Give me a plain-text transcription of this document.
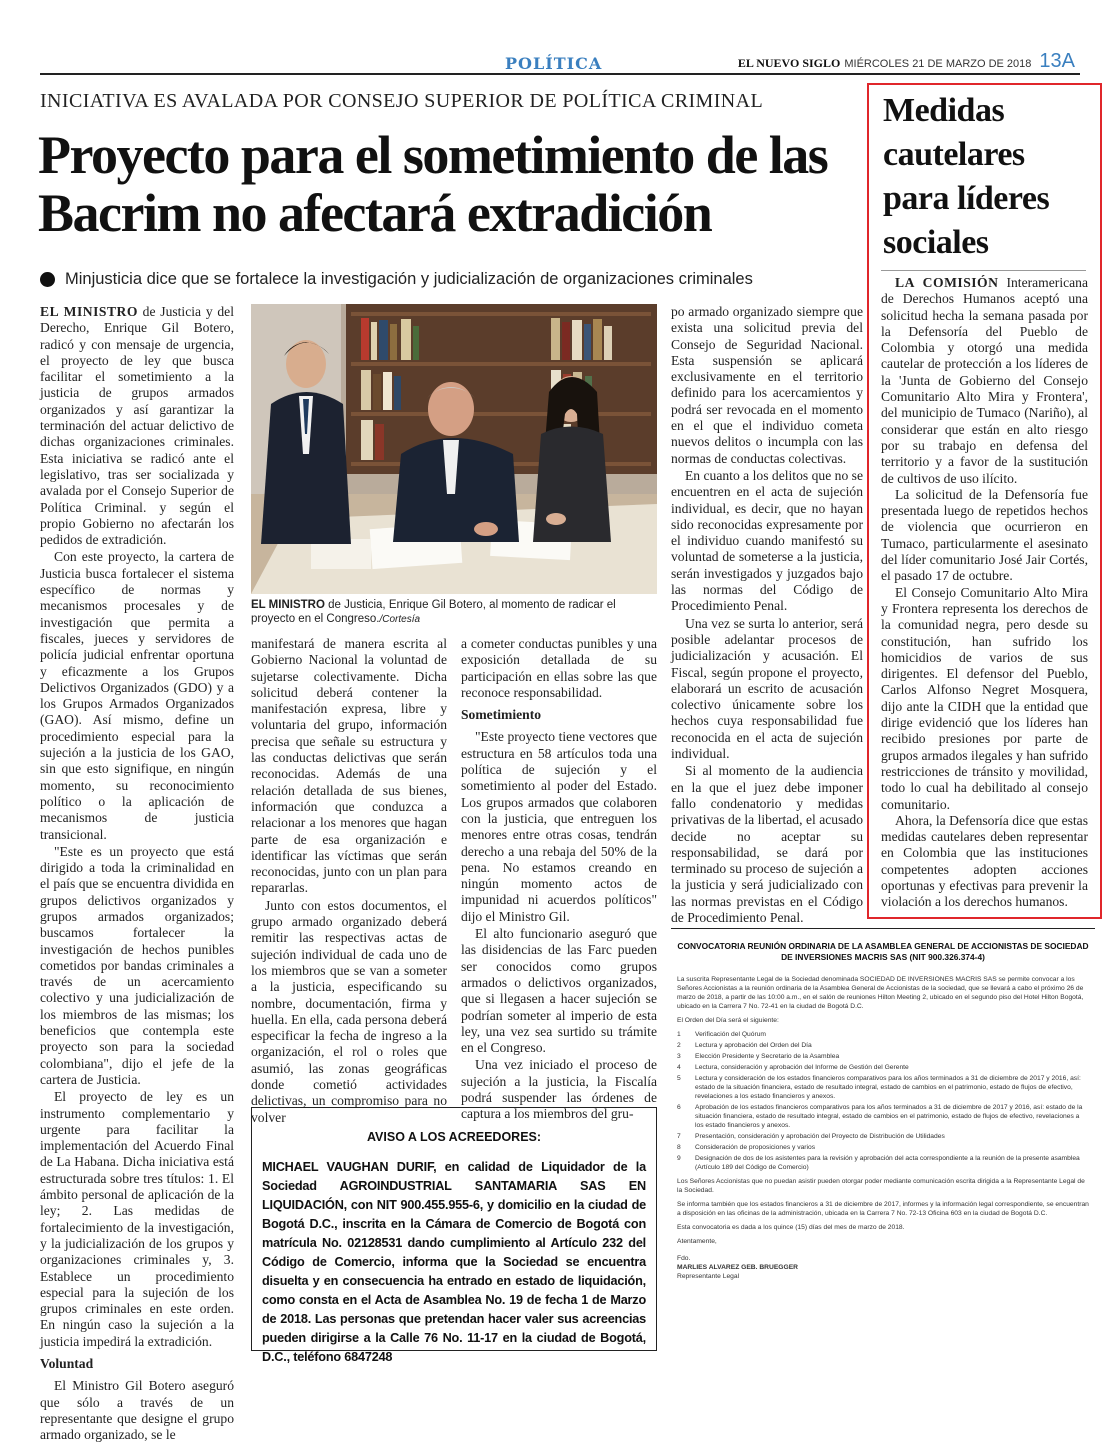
POLÍTICA	EL NUEVO SIGLO MIÉRCOLES 21 DE MARZO DE 2018 13A
INICIATIVA ES AVALADA POR CONSEJO SUPERIOR DE POLÍTICA CRIMINAL
Proyecto para el sometimiento de las Bacrim no afectará extradición
Minjusticia dice que se fortalece la investigación y judicialización de organizaciones criminales

EL MINISTRO de Justicia y del Derecho, Enrique Gil Botero, radicó y con mensaje de urgencia, el proyecto de ley que busca facilitar el sometimiento a la justicia de grupos armados organizados y así garantizar la terminación del actuar delictivo de dichas organizaciones criminales. Esta iniciativa se radicó ante el legislativo, tras ser socializada y avalada por el Consejo Superior de Política Criminal. y según el propio Gobierno no afectarán los pedidos de extradición.

Con este proyecto, la cartera de Justicia busca fortalecer el sistema específico de normas y mecanismos procesales y de investigación que permita a fiscales, jueces y servidores de policía judicial enfrentar oportuna y eficazmente a los Grupos Delictivos Organizados (GDO) y a los Grupos Armados Organizados (GAO). Así mismo, define un procedimiento especial para la sujeción a la justicia de los GAO, sin que esto signifique, en ningún momento, su reconocimiento político o la aplicación de mecanismos de justicia transicional.

"Este es un proyecto que está dirigido a toda la criminalidad en el país que se encuentra dividida en grupos delictivos organizados y grupos armados organizados; buscamos fortalecer la investigación de hechos punibles cometidos por bandas criminales a través de un acercamiento colectivo y una judicialización de los miembros de las mismas; los beneficios que contempla este proyecto son para la sociedad colombiana", dijo el jefe de la cartera de Justicia.

El proyecto de ley es un instrumento complementario y urgente para facilitar la implementación del Acuerdo Final de La Habana. Dicha iniciativa está estructurada sobre tres títulos: 1. El ámbito personal de aplicación de la ley; 2. Las medidas de fortalecimiento de la investigación, y la judicialización de los grupos y organizaciones criminales y, 3. Establece un procedimiento especial para la sujeción de los grupos criminales en este orden. En ningún caso la sujeción a la justicia impedirá la extradición.

Voluntad

El Ministro Gil Botero aseguró que sólo a través de un representante que designe el grupo armado organizado, se le

EL MINISTRO de Justicia, Enrique Gil Botero, al momento de radicar el proyecto en el Congreso./Cortesía

manifestará de manera escrita al Gobierno Nacional la voluntad de sujetarse colectivamente. Dicha solicitud deberá contener la manifestación expresa, libre y voluntaria del grupo, información precisa que señale su estructura y las conductas delictivas que serán reconocidas. Además de una relación detallada de sus bienes, información que conduzca a relacionar a los menores que hagan parte de esa organización e identificar las víctimas que serán reconocidas, junto con un plan para repararlas.

Junto con estos documentos, el grupo armado organizado deberá remitir las respectivas actas de sujeción individual de cada uno de los miembros que se van a someter a la justicia, especificando su nombre, documentación, firma y huella. En ella, cada persona deberá especificar la fecha de ingreso a la organización, el rol o roles que asumió, las zonas geográficas donde cometió actividades delictivas, un compromiso para no volver

a cometer conductas punibles y una exposición detallada de su participación en ellas sobre las que reconoce responsabilidad.

Sometimiento

"Este proyecto tiene vectores que estructura en 58 artículos toda una política de sujeción y el sometimiento al poder del Estado. Los grupos armados que colaboren con la justicia, que entreguen los menores entre otras cosas, tendrán derecho a una rebaja del 50% de la pena. No estamos creando en ningún momento actos de impunidad ni acuerdos políticos" dijo el Ministro Gil.

El alto funcionario aseguró que las disidencias de las Farc pueden ser conocidos como grupos armados o delictivos organizados, que si llegasen a hacer sujeción se podrían someter al imperio de esta ley, una vez sea surtido su trámite en el Congreso.

Una vez iniciado el proceso de sujeción a la justicia, la Fiscalía podrá suspender las órdenes de captura a los miembros del gru-

po armado organizado siempre que exista una solicitud previa del Consejo de Seguridad Nacional. Esta suspensión se aplicará exclusivamente en el territorio definido para los acercamientos y podrá ser revocada en el momento en el que el individuo cometa nuevos delitos o incumpla con las normas de conductas colectivas.

En cuanto a los delitos que no se encuentren en el acta de sujeción individual, es decir, que no hayan sido reconocidas expresamente por el individuo cuando manifestó su voluntad de someterse a la justicia, serán investigados y juzgados bajo las normas del Código de Procedimiento Penal.

Una vez se surta lo anterior, será posible adelantar procesos de judicialización y acusación. El Fiscal, según propone el proyecto, elaborará un escrito de acusación colectivo únicamente sobre los hechos cuya responsabilidad fue reconocida en el acta de sujeción individual.

Si al momento de la audiencia en la que el juez debe imponer fallo condenatorio y medidas privativas de la libertad, el acusado decide no aceptar su responsabilidad, se dará por terminado su proceso de sujeción a la justicia y será judicializado con las normas previstas en el Código de Procedimiento Penal.

Medidas cautelares para líderes sociales

LA COMISIÓN Interamericana de Derechos Humanos aceptó una solicitud hecha la semana pasada por la Defensoría del Pueblo de Colombia y otorgó una medida cautelar de protección a los líderes de la 'Junta de Gobierno del Consejo Comunitario Alto Mira y Frontera', del municipio de Tumaco (Nariño), al considerar que están en alto riesgo por su trabajo en defensa del territorio y a favor de la sustitución de cultivos de uso ilícito.

La solicitud de la Defensoría fue presentada luego de repetidos hechos de violencia que ocurrieron en Tumaco, particularmente el asesinato del líder comunitario José Jair Cortés, el pasado 17 de octubre.

El Consejo Comunitario Alto Mira y Frontera representa los derechos de la comunidad negra, pero desde su constitución, han sufrido los homicidios de varios de sus dirigentes. El defensor del Pueblo, Carlos Alfonso Negret Mosquera, dijo ante la CIDH que la entidad que dirige evidenció que los líderes han recibido presiones por parte de grupos armados ilegales y han sufrido restricciones de tránsito y movilidad, todo lo cual ha debilitado al consejo comunitario.

Ahora, la Defensoría dice que estas medidas cautelares deben representar en Colombia que las instituciones competentes adopten acciones oportunas y efectivas para prevenir la violación a los derechos humanos.

AVISO A LOS ACREEDORES:
MICHAEL VAUGHAN DURIF, en calidad de Liquidador de la Sociedad AGROINDUSTRIAL SANTAMARIA SAS EN LIQUIDACIÓN, con NIT 900.455.955-6, y domicilio en la ciudad de Bogotá D.C., inscrita en la Cámara de Comercio de Bogotá con matrícula No. 02128531 dando cumplimiento al Artículo 232 del Código de Comercio, informa que la Sociedad se encuentra disuelta y en consecuencia ha entrado en estado de liquidación, como consta en el Acta de Asamblea No. 19 de fecha 1 de Marzo de 2018. Las personas que pretendan hacer valer sus acreencias pueden dirigirse a la Calle 76 No. 11-17 en la ciudad de Bogotá, D.C., teléfono 6847248
CONVOCATORIA REUNIÓN ORDINARIA DE LA ASAMBLEA GENERAL DE ACCIONISTAS DE SOCIEDAD DE INVERSIONES MACRIS SAS (NIT 900.326.374-4)

La suscrita Representante Legal de la Sociedad denominada SOCIEDAD DE INVERSIONES MACRIS SAS se permite convocar a los Señores Accionistas a la reunión ordinaria de la Asamblea General de Accionistas de la sociedad, que se llevará a cabo el próximo 26 de marzo de 2018, a partir de las 10:00 a.m., en el salón de reuniones Hilton Meeting 2, ubicado en el segundo piso del Hotel Hilton Bogotá, ubicado en la Carrera 7 No. 72-41 en la ciudad de Bogotá D.C.

El Orden del Día será el siguiente:

1	Verificación del Quórum
2	Lectura y aprobación del Orden del Día
3	Elección Presidente y Secretario de la Asamblea
4	Lectura, consideración y aprobación del Informe de Gestión del Gerente
5	Lectura y consideración de los estados financieros comparativos para los años terminados a 31 de diciembre de 2017 y 2016, así: estado de la situación financiera, estado de resultado integral, estado de cambios en el patrimonio, estado de flujos de efectivo, revelaciones a los estado financieros y anexos.
6	Aprobación de los estados financieros comparativos para los años terminados a 31 de diciembre de 2017 y 2016, así: estado de la situación financiera, estado de resultado integral, estado de cambios en el patrimonio, estado de flujos de efectivo, revelaciones a los estado financieros y anexos.
7	Presentación, consideración y aprobación del Proyecto de Distribución de Utilidades
8	Consideración de proposiciones y varios
9	Designación de dos de los asistentes para la revisión y aprobación del acta correspondiente a la reunión de la presente asamblea (Artículo 189 del Código de Comercio)

Los Señores Accionistas que no puedan asistir pueden otorgar poder mediante comunicación escrita dirigida a la Representante Legal de la Sociedad.

Se informa también que los estados financieros a 31 de diciembre de 2017, informes y la información legal correspondiente, se encuentran a disposición en las oficinas de la administración, ubicada en la Carrera 7 No. 72-13 Oficina 603 en la ciudad de Bogotá D.C.

Esta convocatoria es dada a los quince (15) días del mes de marzo de 2018.

Atentamente,

Fdo.
MARLIES ALVAREZ GEB. BRUEGGER
Representante Legal
